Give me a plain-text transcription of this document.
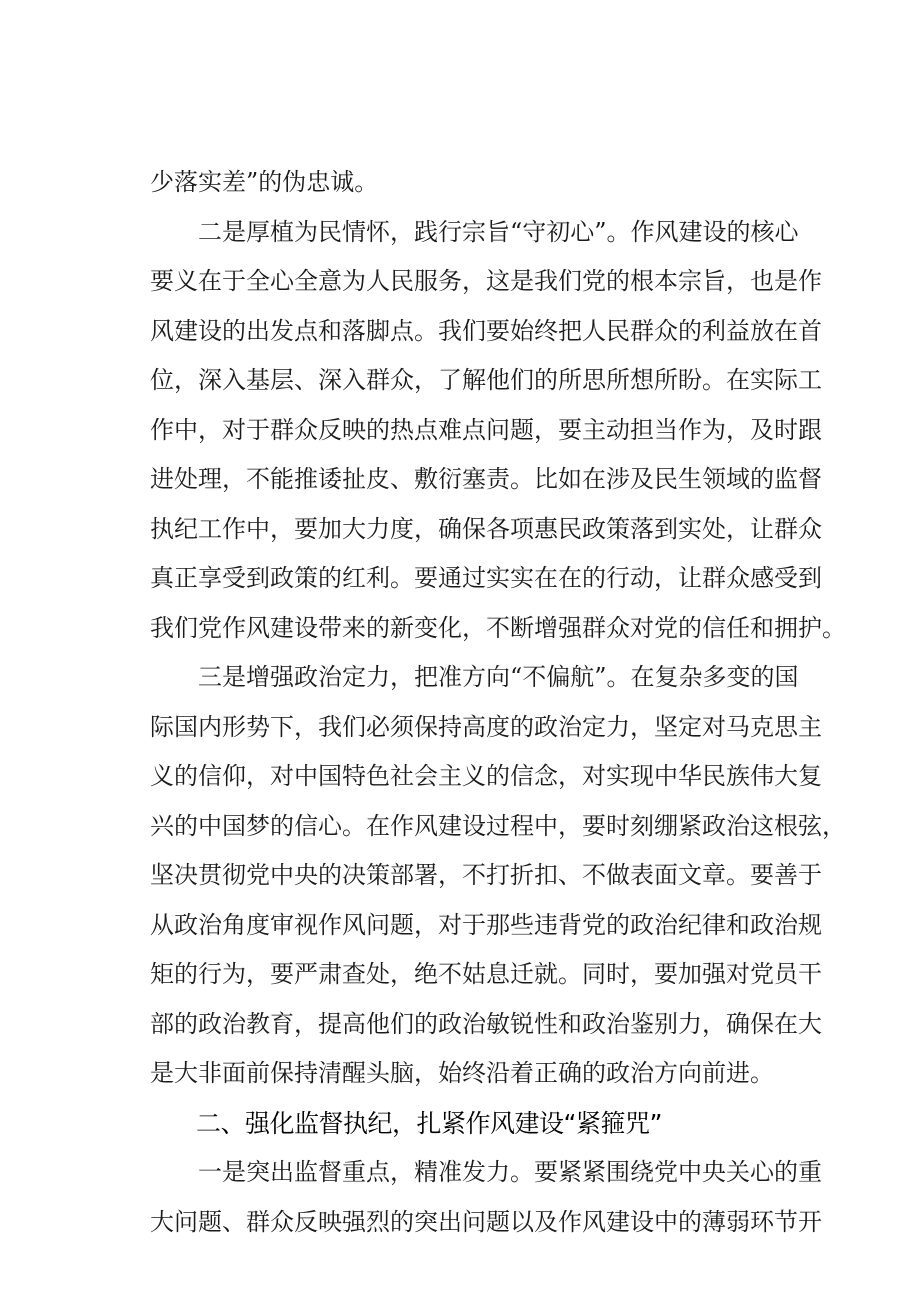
少落实差”的伪忠诚。
二是厚植为民情怀，践行宗旨“守初心”。作风建设的核心
要义在于全心全意为人民服务，这是我们党的根本宗旨，也是作
风建设的出发点和落脚点。我们要始终把人民群众的利益放在首
位，深入基层、深入群众，了解他们的所思所想所盼。在实际工
作中，对于群众反映的热点难点问题，要主动担当作为，及时跟
进处理，不能推诿扯皮、敷衍塞责。比如在涉及民生领域的监督
执纪工作中，要加大力度，确保各项惠民政策落到实处，让群众
真正享受到政策的红利。要通过实实在在的行动，让群众感受到
我们党作风建设带来的新变化，不断增强群众对党的信任和拥护。
三是增强政治定力，把准方向“不偏航”。在复杂多变的国
际国内形势下，我们必须保持高度的政治定力，坚定对马克思主
义的信仰，对中国特色社会主义的信念，对实现中华民族伟大复
兴的中国梦的信心。在作风建设过程中，要时刻绷紧政治这根弦，
坚决贯彻党中央的决策部署，不打折扣、不做表面文章。要善于
从政治角度审视作风问题，对于那些违背党的政治纪律和政治规
矩的行为，要严肃查处，绝不姑息迁就。同时，要加强对党员干
部的政治教育，提高他们的政治敏锐性和政治鉴别力，确保在大
是大非面前保持清醒头脑，始终沿着正确的政治方向前进。
二、强化监督执纪，扎紧作风建设“紧箍咒”
一是突出监督重点，精准发力。要紧紧围绕党中央关心的重
大问题、群众反映强烈的突出问题以及作风建设中的薄弱环节开
